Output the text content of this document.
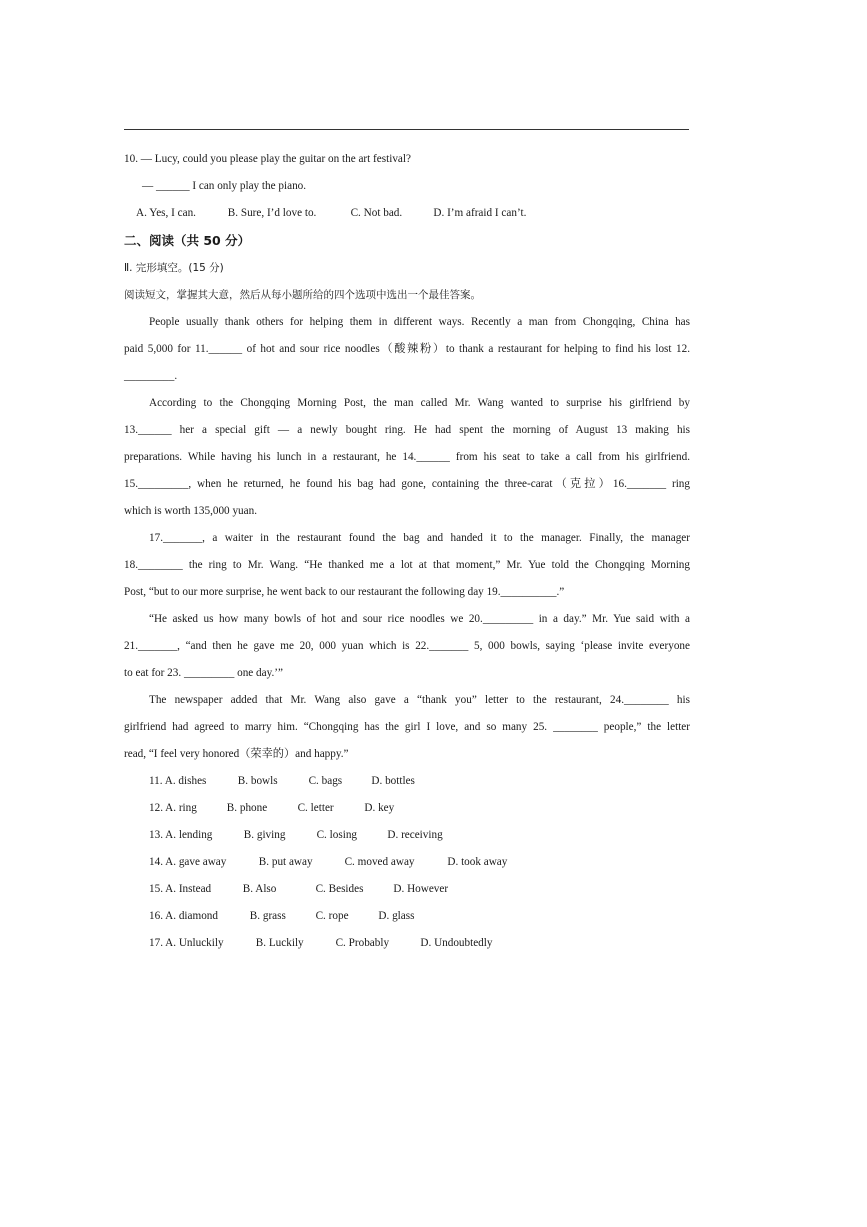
10. — Lucy, could you please play the guitar on the art festival?
— ______ I can only play the piano.
A. Yes, I can.	B. Sure, I’d love to.	C. Not bad.	D. I’m afraid I can’t.
二、阅读（共 50 分）
Ⅱ. 完形填空。(15 分)
阅读短文，掌握其大意，然后从每小题所给的四个选项中选出一个最佳答案。
People usually thank others for helping them in different ways. Recently a man from Chongqing, China has
paid 5,000 for 11.______ of hot and sour rice noodles（酸辣粉）to thank a restaurant for helping to find his lost 12.
_________.
According to the Chongqing Morning Post, the man called Mr. Wang wanted to surprise his girlfriend by
13.______ her a special gift — a newly bought ring. He had spent the morning of August 13 making his
preparations. While having his lunch in a restaurant, he 14.______ from his seat to take a call from his girlfriend.
15._________, when he returned, he found his bag had gone, containing the three-carat（克拉）16._______ ring
which is worth 135,000 yuan.
17._______, a waiter in the restaurant found the bag and handed it to the manager. Finally, the manager
18.________ the ring to Mr. Wang. “He thanked me a lot at that moment,” Mr. Yue told the Chongqing Morning
Post, “but to our more surprise, he went back to our restaurant the following day 19.__________.”
“He asked us how many bowls of hot and sour rice noodles we 20._________ in a day.” Mr. Yue said with a
21._______, “and then he gave me 20, 000 yuan which is 22._______ 5, 000 bowls, saying ‘please invite everyone
to eat for 23. _________ one day.’”
The newspaper added that Mr. Wang also gave a “thank you” letter to the restaurant, 24.________ his
girlfriend had agreed to marry him. “Chongqing has the girl I love, and so many 25. ________ people,” the letter
read, “I feel very honored（荣幸的）and happy.”
11. A. dishes	B. bowls	C. bags	D. bottles
12. A. ring	B. phone	C. letter	D. key
13. A. lending	B. giving	C. losing	D. receiving
14. A. gave away	B. put away	C. moved away	D. took away
15. A. Instead	B. Also	C. Besides	D. However
16. A. diamond	B. grass	C. rope	D. glass
17. A. Unluckily	B. Luckily	C. Probably	D. Undoubtedly
